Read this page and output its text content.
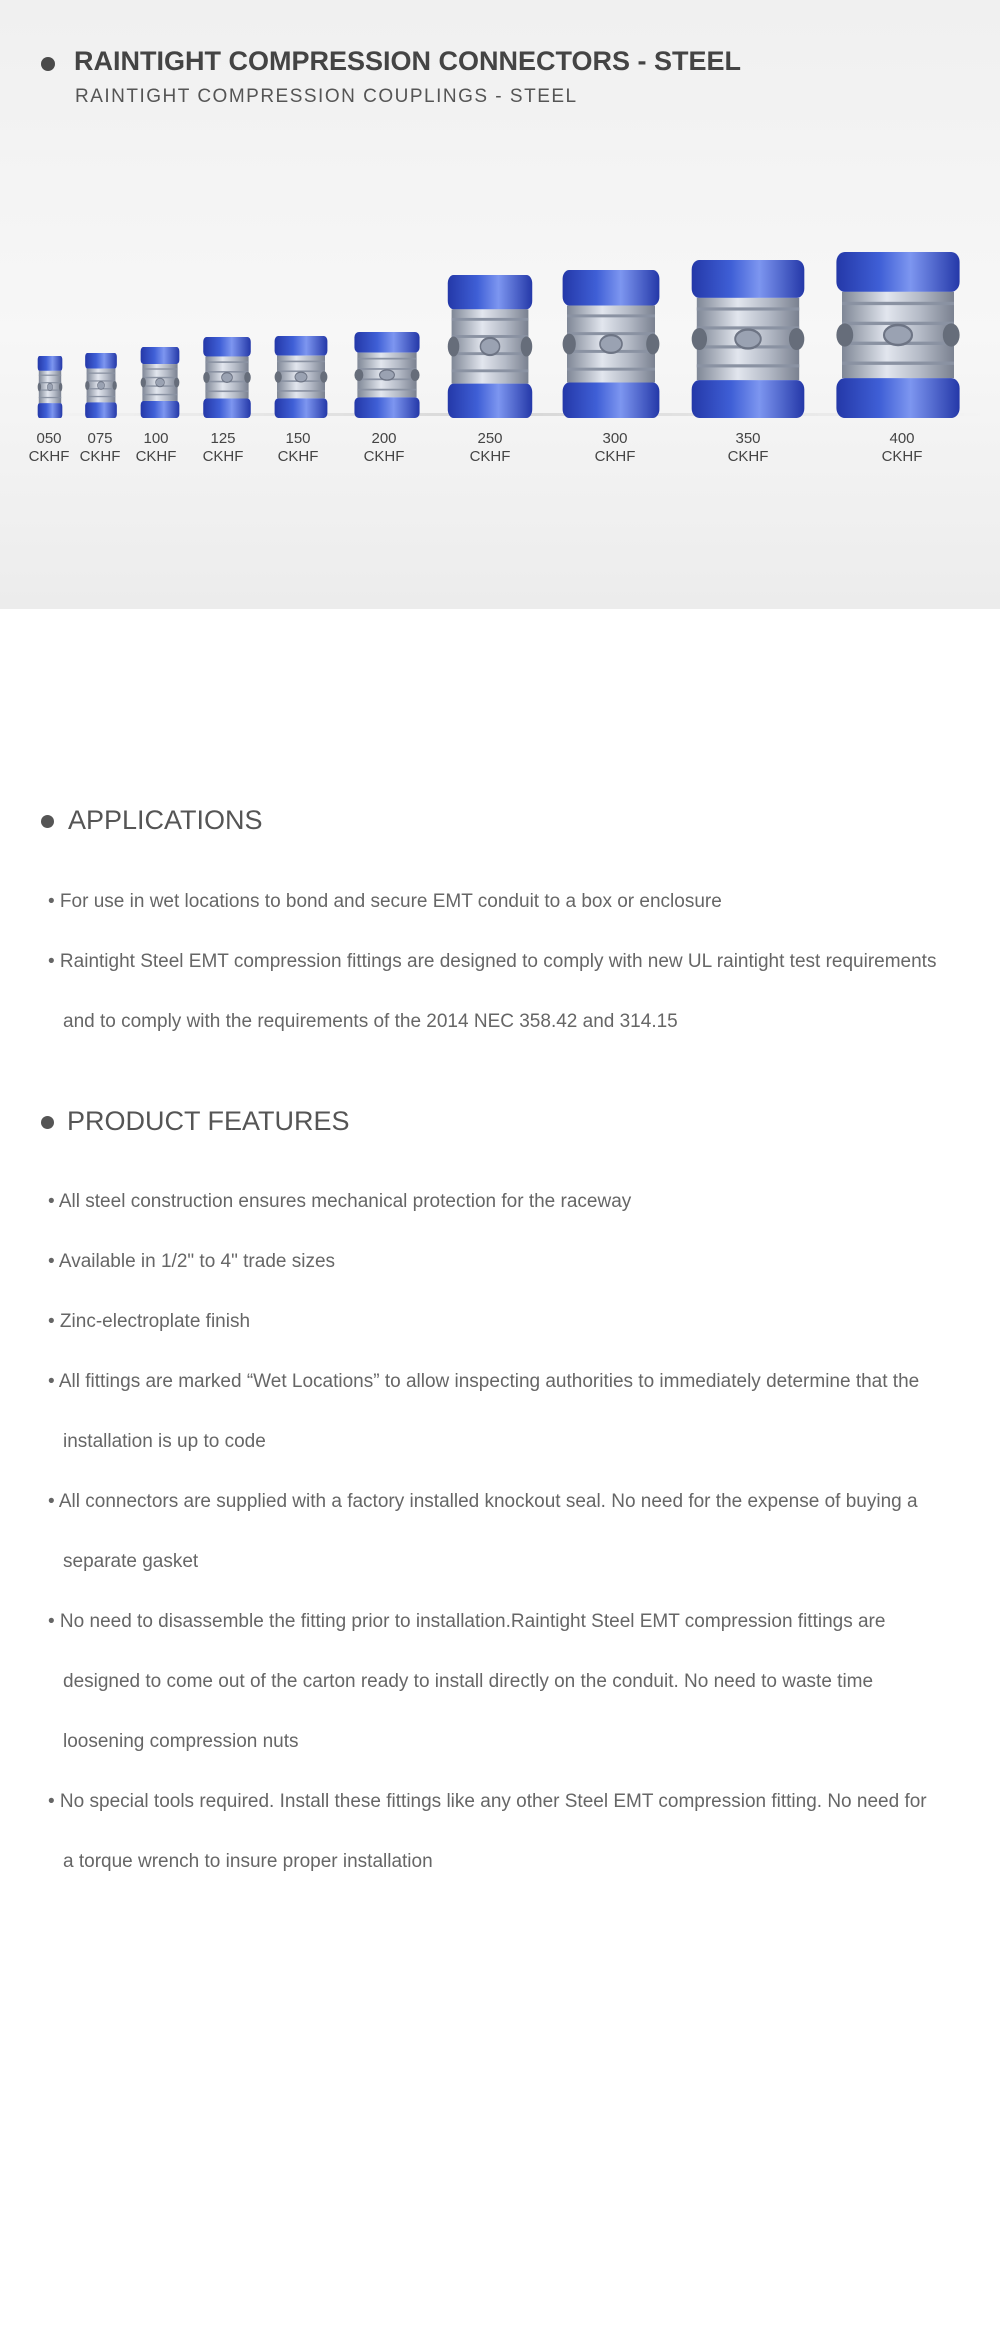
RAINTIGHT COMPRESSION CONNECTORS - STEEL
RAINTIGHT COMPRESSION COUPLINGS - STEEL
050
CKHF
075
CKHF
100
CKHF
125
CKHF
150
CKHF
200
CKHF
250
CKHF
300
CKHF
350
CKHF
400
CKHF
APPLICATIONS
• For use in wet locations to bond and secure EMT conduit to a box or enclosure
• Raintight Steel EMT compression fittings are designed to comply with new UL raintight test requirements
and to comply with the requirements of the 2014 NEC 358.42 and 314.15
PRODUCT FEATURES
• All steel construction ensures mechanical protection for the raceway
• Available in 1/2" to 4" trade sizes
• Zinc-electroplate finish
• All fittings are marked “Wet Locations” to allow inspecting authorities to immediately determine that the
installation is up to code
• All connectors are supplied with a factory installed knockout seal. No need for the expense of buying a
separate gasket
• No need to disassemble the fitting prior to installation.Raintight Steel EMT compression fittings are
designed to come out of the carton ready to install directly on the conduit. No need to waste time
loosening compression nuts
• No special tools required. Install these fittings like any other Steel EMT compression fitting. No need for
a torque wrench to insure proper installation
